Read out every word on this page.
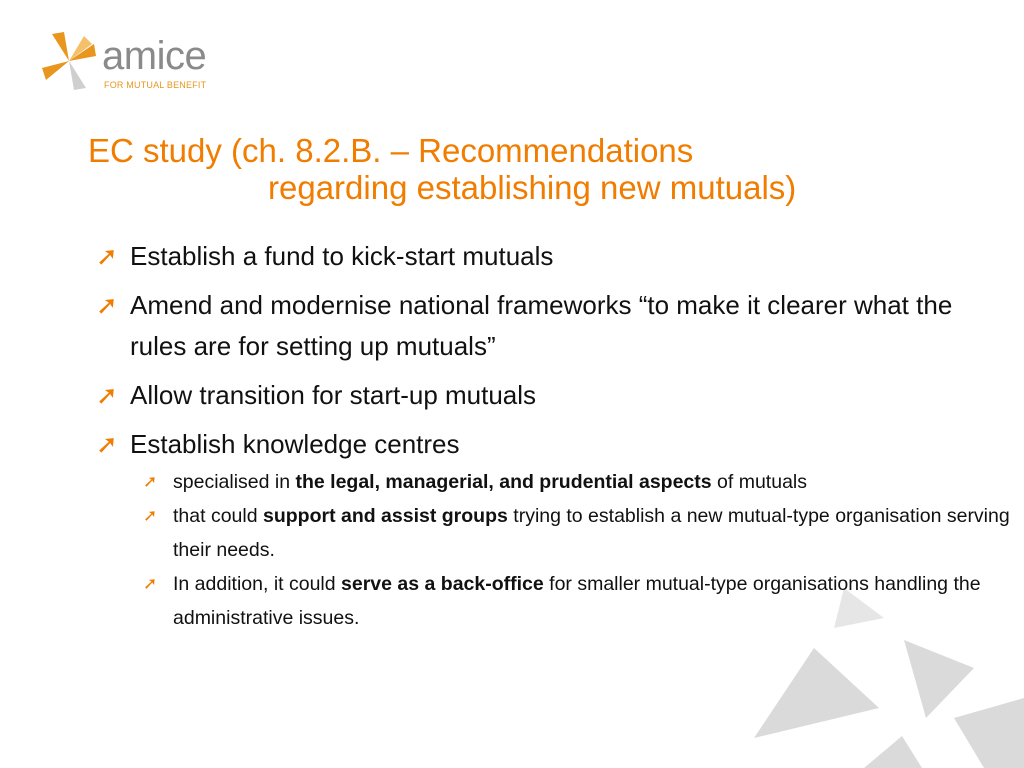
amice
FOR MUTUAL BENEFIT
EC study (ch. 8.2.B. – Recommendations
regarding establishing new mutuals)
➚ Establish a fund to kick-start mutuals
➚ Amend and modernise national frameworks “to make it clearer what the rules are for setting up mutuals”
➚ Allow transition for start-up mutuals
➚ Establish knowledge centres
➚ specialised in the legal, managerial, and prudential aspects of mutuals
➚ that could support and assist groups trying to establish a new mutual-type organisation serving their needs.
➚ In addition, it could serve as a back-office for smaller mutual-type organisations handling the administrative issues.
